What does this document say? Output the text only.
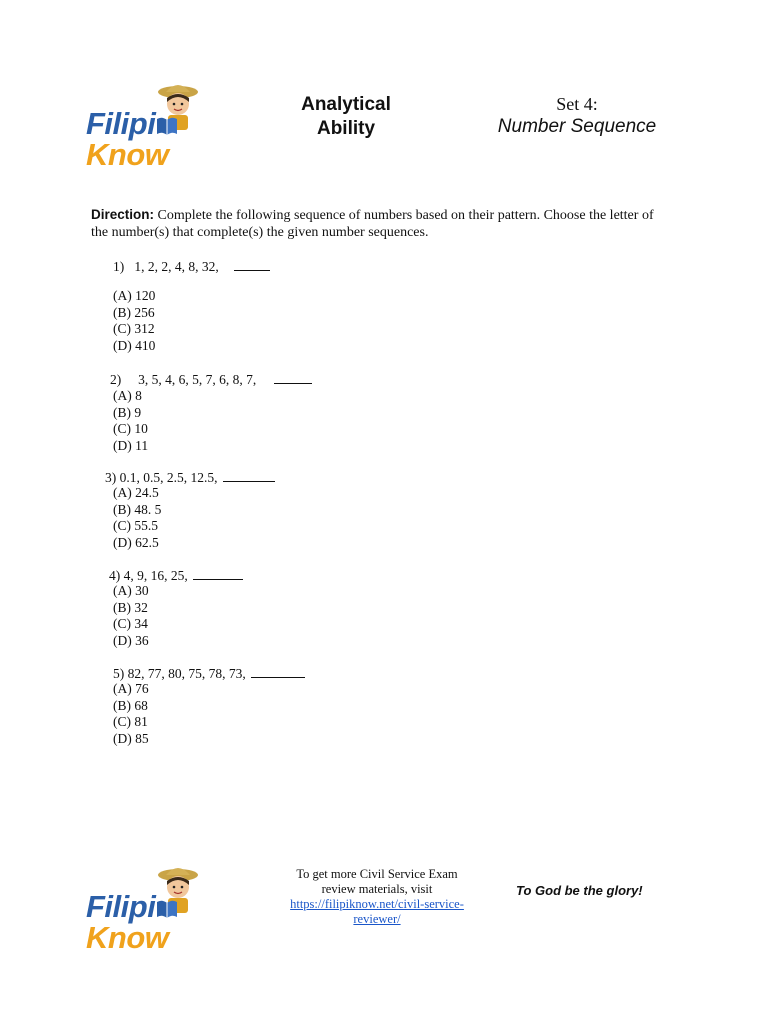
FilipiKnow
Analytical
Ability
Set 4:
Number Sequence
Direction: Complete the following sequence of numbers based on their pattern. Choose the letter of the number(s) that complete(s) the given number sequences.
1) 1, 2, 2, 4, 8, 32,
(A) 120
(B) 256
(C) 312
(D) 410
2) 3, 5, 4, 6, 5, 7, 6, 8, 7,
(A) 8
(B) 9
(C) 10
(D) 11
3) 0.1, 0.5, 2.5, 12.5,
(A) 24.5
(B) 48. 5
(C) 55.5
(D) 62.5
4) 4, 9, 16, 25,
(A) 30
(B) 32
(C) 34
(D) 36
5) 82, 77, 80, 75, 78, 73,
(A) 76
(B) 68
(C) 81
(D) 85
FilipiKnow
To get more Civil Service Exam
review materials, visit
https://filipiknow.net/civil-service-
reviewer/
To God be the glory!
